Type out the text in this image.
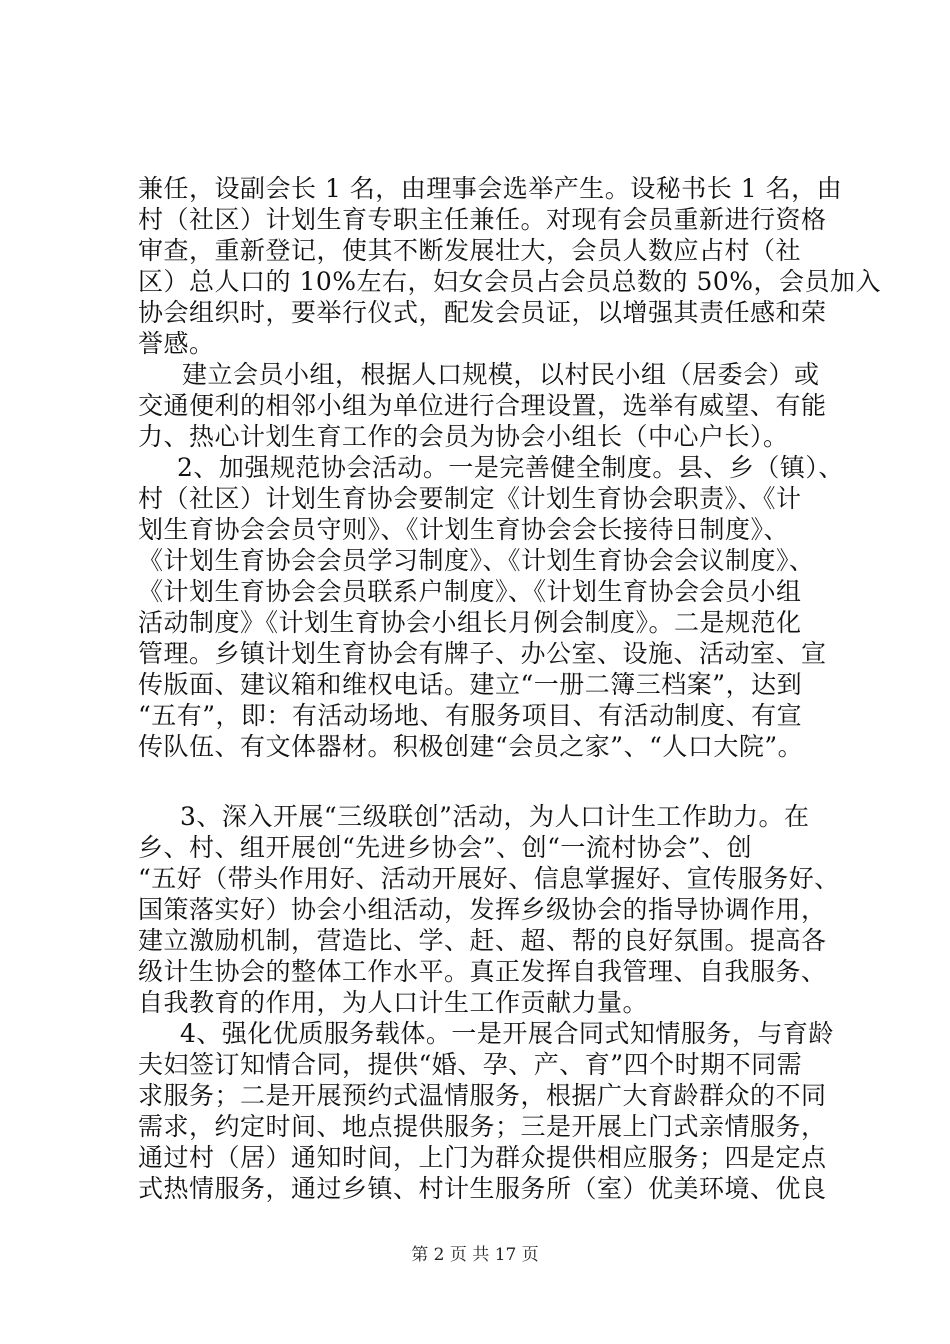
兼任，设副会长 1 名，由理事会选举产生。设秘书长 1 名，由
村（社区）计划生育专职主任兼任。对现有会员重新进行资格
审查，重新登记，使其不断发展壮大，会员人数应占村（社
区）总人口的 10%左右，妇女会员占会员总数的 50%，会员加入
协会组织时，要举行仪式，配发会员证，以增强其责任感和荣
誉感。
建立会员小组，根据人口规模，以村民小组（居委会）或
交通便利的相邻小组为单位进行合理设置，选举有威望、有能
力、热心计划生育工作的会员为协会小组长（中心户长）。
2、加强规范协会活动。一是完善健全制度。县、乡（镇）、
村（社区）计划生育协会要制定《计划生育协会职责》、《计
划生育协会会员守则》、《计划生育协会会长接待日制度》、
《计划生育协会会员学习制度》、《计划生育协会会议制度》、
《计划生育协会会员联系户制度》、《计划生育协会会员小组
活动制度》《计划生育协会小组长月例会制度》。二是规范化
管理。乡镇计划生育协会有牌子、办公室、设施、活动室、宣
传版面、建议箱和维权电话。建立“一册二簿三档案”，达到
“五有”，即：有活动场地、有服务项目、有活动制度、有宣
传队伍、有文体器材。积极创建“会员之家”、“人口大院”。
3、深入开展“三级联创”活动，为人口计生工作助力。在
乡、村、组开展创“先进乡协会”、创“一流村协会”、创
“五好（带头作用好、活动开展好、信息掌握好、宣传服务好、
国策落实好）协会小组活动，发挥乡级协会的指导协调作用，
建立激励机制，营造比、学、赶、超、帮的良好氛围。提高各
级计生协会的整体工作水平。真正发挥自我管理、自我服务、
自我教育的作用，为人口计生工作贡献力量。
4、强化优质服务载体。一是开展合同式知情服务，与育龄
夫妇签订知情合同，提供“婚、孕、产、育”四个时期不同需
求服务；二是开展预约式温情服务，根据广大育龄群众的不同
需求，约定时间、地点提供服务；三是开展上门式亲情服务，
通过村（居）通知时间，上门为群众提供相应服务；四是定点
式热情服务，通过乡镇、村计生服务所（室）优美环境、优良
第 2 页 共 17 页
